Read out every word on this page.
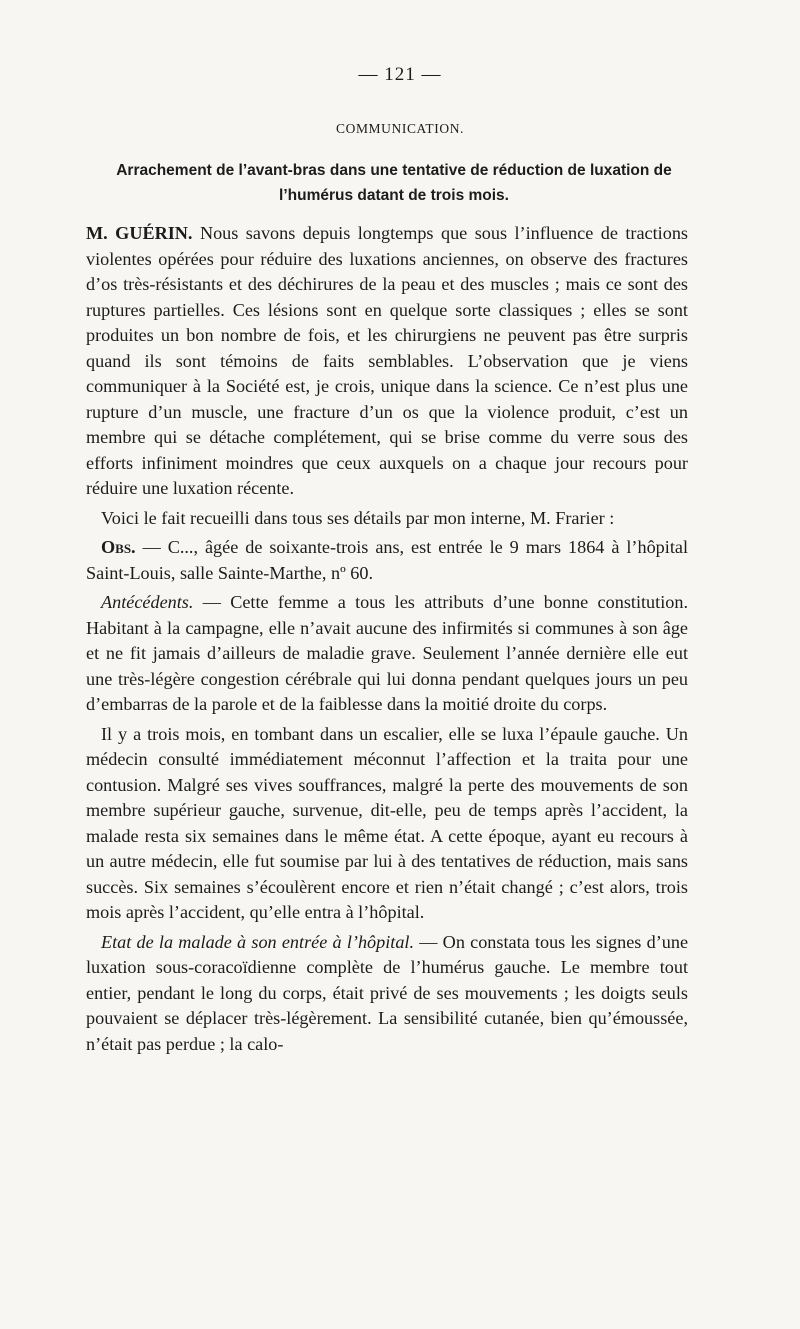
— 121 —
COMMUNICATION.
Arrachement de l’avant-bras dans une tentative de réduction de luxation de l’humérus datant de trois mois.

M. GUÉRIN. Nous savons depuis longtemps que sous l’influence de tractions violentes opérées pour réduire des luxations anciennes, on observe des fractures d’os très-résistants et des déchirures de la peau et des muscles ; mais ce sont des ruptures partielles. Ces lésions sont en quelque sorte classiques ; elles se sont produites un bon nombre de fois, et les chirurgiens ne peuvent pas être surpris quand ils sont témoins de faits semblables. L’observation que je viens communiquer à la Société est, je crois, unique dans la science. Ce n’est plus une rupture d’un muscle, une fracture d’un os que la violence produit, c’est un membre qui se détache complétement, qui se brise comme du verre sous des efforts infiniment moindres que ceux auxquels on a chaque jour recours pour réduire une luxation récente.

Voici le fait recueilli dans tous ses détails par mon interne, M. Frarier :

Obs. — C..., âgée de soixante-trois ans, est entrée le 9 mars 1864 à l’hôpital Saint-Louis, salle Sainte-Marthe, nº 60.

Antécédents. — Cette femme a tous les attributs d’une bonne constitution. Habitant à la campagne, elle n’avait aucune des infirmités si communes à son âge et ne fit jamais d’ailleurs de maladie grave. Seulement l’année dernière elle eut une très-légère congestion cérébrale qui lui donna pendant quelques jours un peu d’embarras de la parole et de la faiblesse dans la moitié droite du corps.

Il y a trois mois, en tombant dans un escalier, elle se luxa l’épaule gauche. Un médecin consulté immédiatement méconnut l’affection et la traita pour une contusion. Malgré ses vives souffrances, malgré la perte des mouvements de son membre supérieur gauche, survenue, dit-elle, peu de temps après l’accident, la malade resta six semaines dans le même état. A cette époque, ayant eu recours à un autre médecin, elle fut soumise par lui à des tentatives de réduction, mais sans succès. Six semaines s’écoulèrent encore et rien n’était changé ; c’est alors, trois mois après l’accident, qu’elle entra à l’hôpital.

Etat de la malade à son entrée à l’hôpital. — On constata tous les signes d’une luxation sous-coracoïdienne complète de l’humérus gauche. Le membre tout entier, pendant le long du corps, était privé de ses mouvements ; les doigts seuls pouvaient se déplacer très-légèrement. La sensibilité cutanée, bien qu’émoussée, n’était pas perdue ; la calo-
